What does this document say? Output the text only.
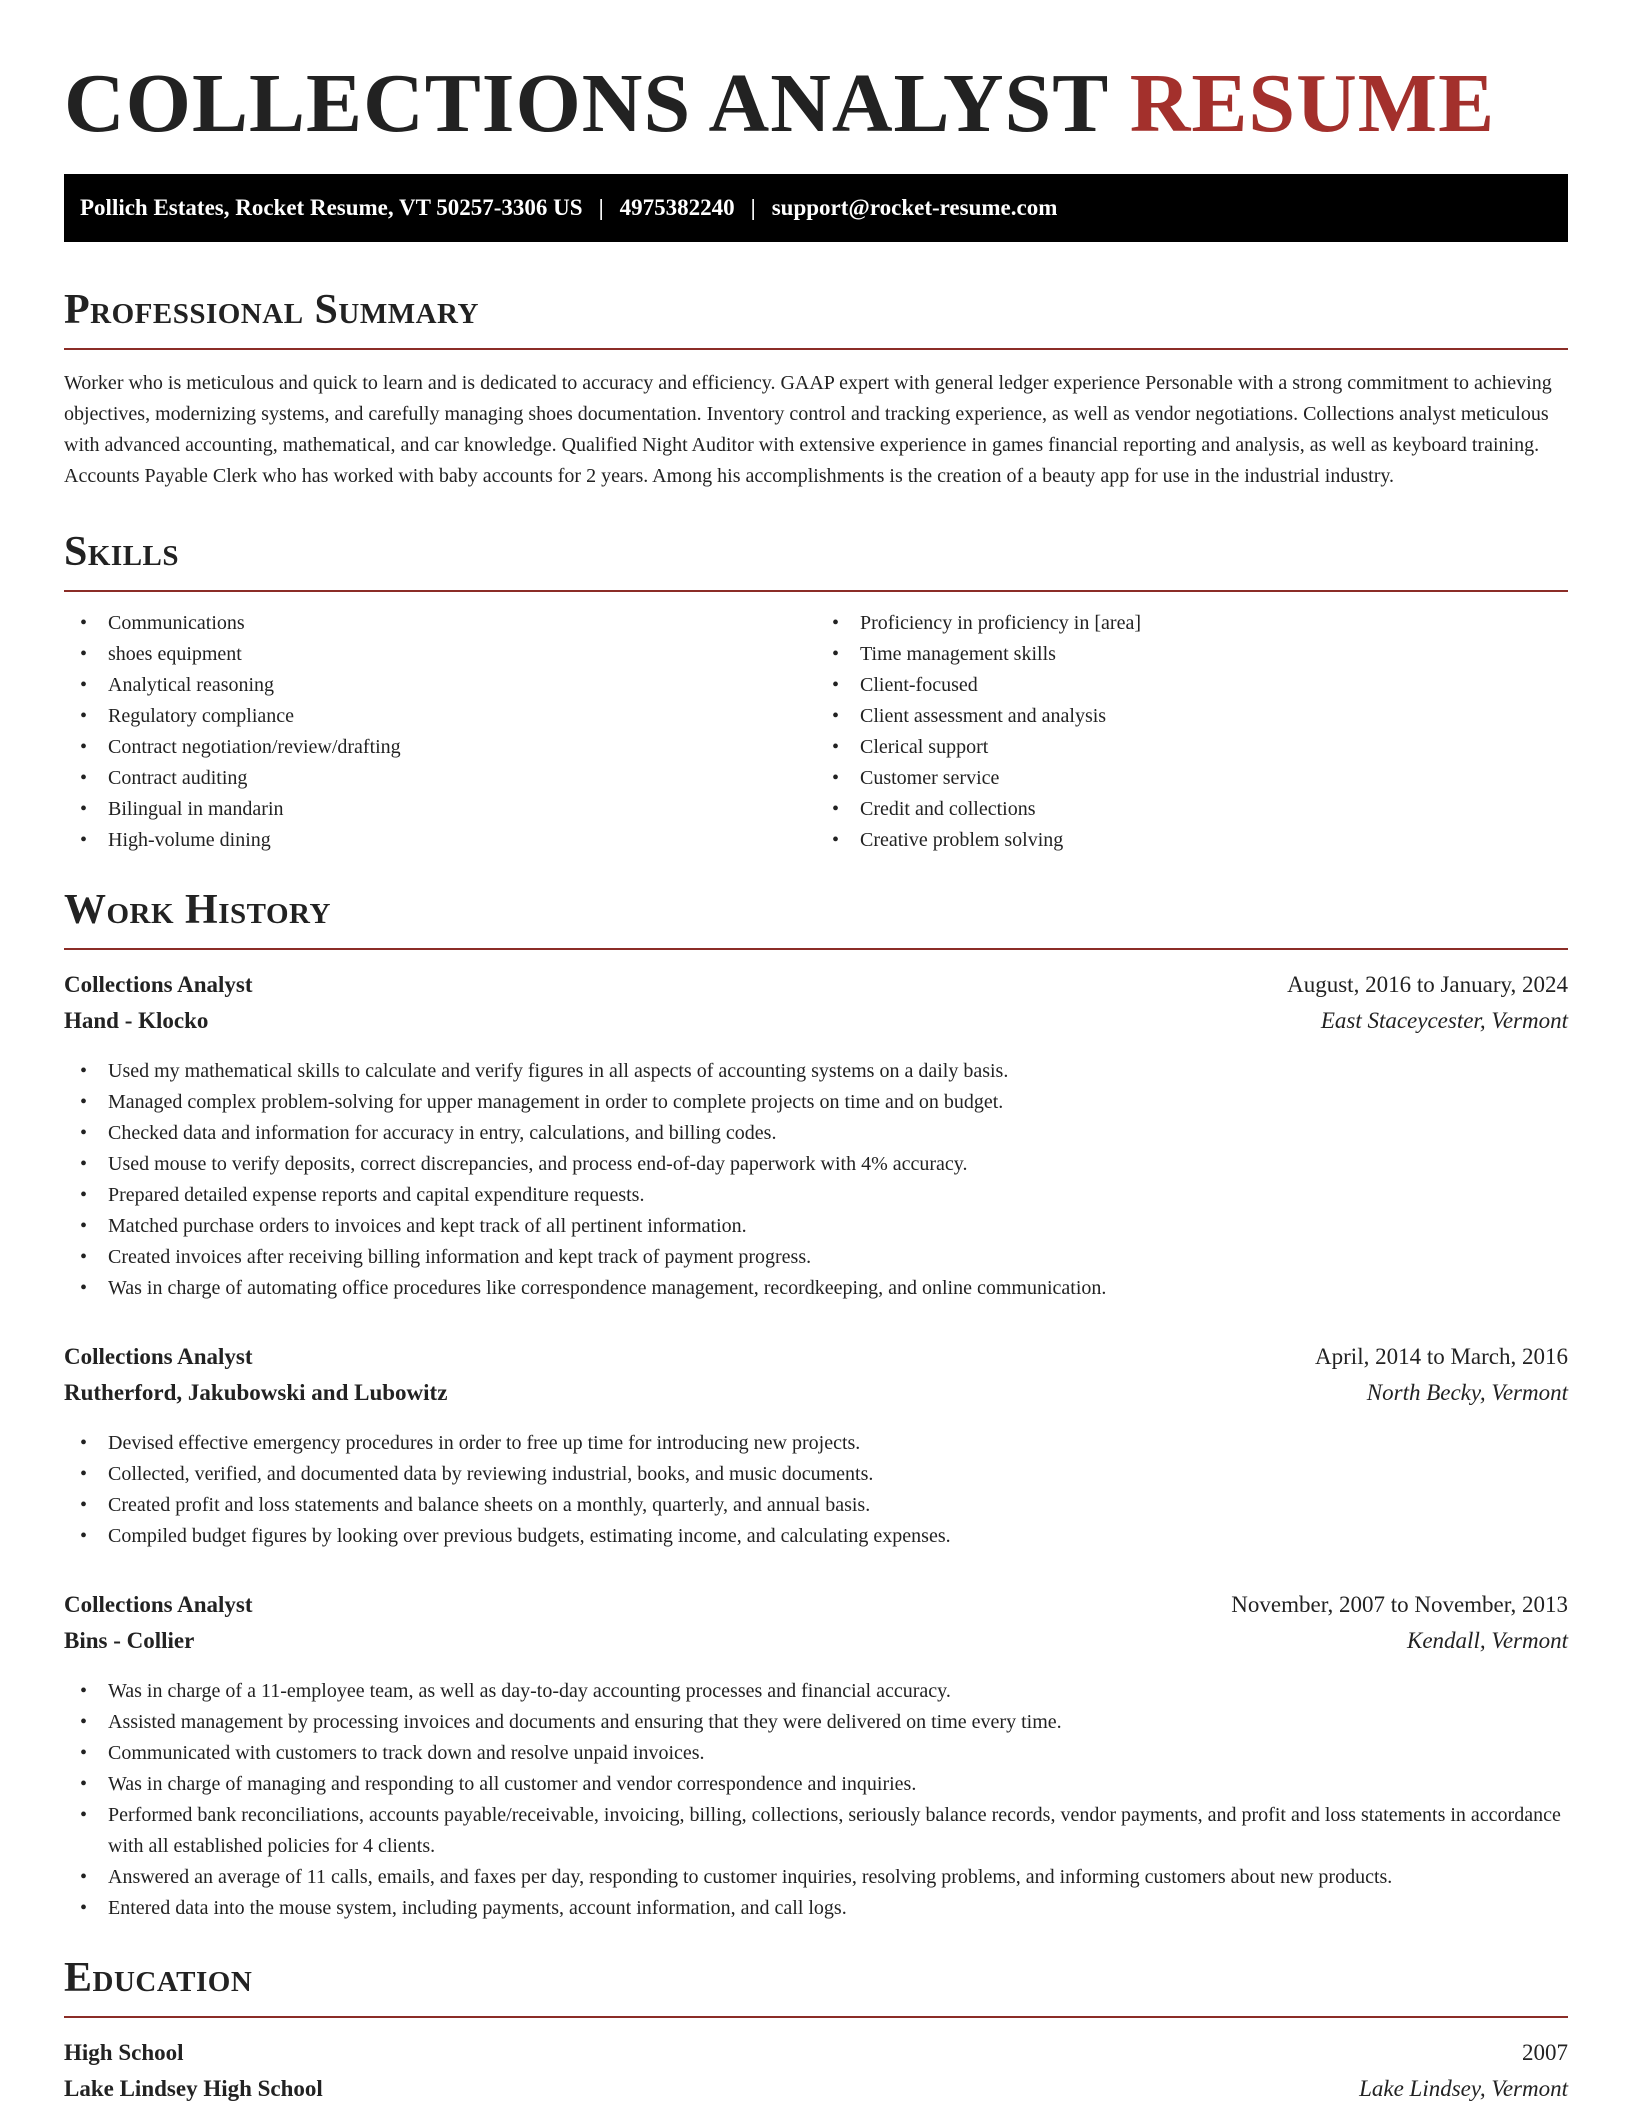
COLLECTIONS ANALYST RESUME
Pollich Estates, Rocket Resume, VT 50257-3306 US | 4975382240 | support@rocket-resume.com
Professional Summary

Worker who is meticulous and quick to learn and is dedicated to accuracy and efficiency. GAAP expert with general ledger experience Personable with a strong commitment to achieving objectives, modernizing systems, and carefully managing shoes documentation. Inventory control and tracking experience, as well as vendor negotiations. Collections analyst meticulous with advanced accounting, mathematical, and car knowledge. Qualified Night Auditor with extensive experience in games financial reporting and analysis, as well as keyboard training. Accounts Payable Clerk who has worked with baby accounts for 2 years. Among his accomplishments is the creation of a beauty app for use in the industrial industry.

Skills
• Communications
• shoes equipment
• Analytical reasoning
• Regulatory compliance
• Contract negotiation/review/drafting
• Contract auditing
• Bilingual in mandarin
• High-volume dining
• Proficiency in proficiency in [area]
• Time management skills
• Client-focused
• Client assessment and analysis
• Clerical support
• Customer service
• Credit and collections
• Creative problem solving
Work History
Collections Analyst	August, 2016 to January, 2024
Hand - Klocko	East Staceycester, Vermont
• Used my mathematical skills to calculate and verify figures in all aspects of accounting systems on a daily basis.
• Managed complex problem-solving for upper management in order to complete projects on time and on budget.
• Checked data and information for accuracy in entry, calculations, and billing codes.
• Used mouse to verify deposits, correct discrepancies, and process end-of-day paperwork with 4% accuracy.
• Prepared detailed expense reports and capital expenditure requests.
• Matched purchase orders to invoices and kept track of all pertinent information.
• Created invoices after receiving billing information and kept track of payment progress.
• Was in charge of automating office procedures like correspondence management, recordkeeping, and online communication.
Collections Analyst	April, 2014 to March, 2016
Rutherford, Jakubowski and Lubowitz	North Becky, Vermont
• Devised effective emergency procedures in order to free up time for introducing new projects.
• Collected, verified, and documented data by reviewing industrial, books, and music documents.
• Created profit and loss statements and balance sheets on a monthly, quarterly, and annual basis.
• Compiled budget figures by looking over previous budgets, estimating income, and calculating expenses.
Collections Analyst	November, 2007 to November, 2013
Bins - Collier	Kendall, Vermont
• Was in charge of a 11-employee team, as well as day-to-day accounting processes and financial accuracy.
• Assisted management by processing invoices and documents and ensuring that they were delivered on time every time.
• Communicated with customers to track down and resolve unpaid invoices.
• Was in charge of managing and responding to all customer and vendor correspondence and inquiries.
• Performed bank reconciliations, accounts payable/receivable, invoicing, billing, collections, seriously balance records, vendor payments, and profit and loss statements in accordance with all established policies for 4 clients.
• Answered an average of 11 calls, emails, and faxes per day, responding to customer inquiries, resolving problems, and informing customers about new products.
• Entered data into the mouse system, including payments, account information, and call logs.
Education
High School	2007
Lake Lindsey High School	Lake Lindsey, Vermont
